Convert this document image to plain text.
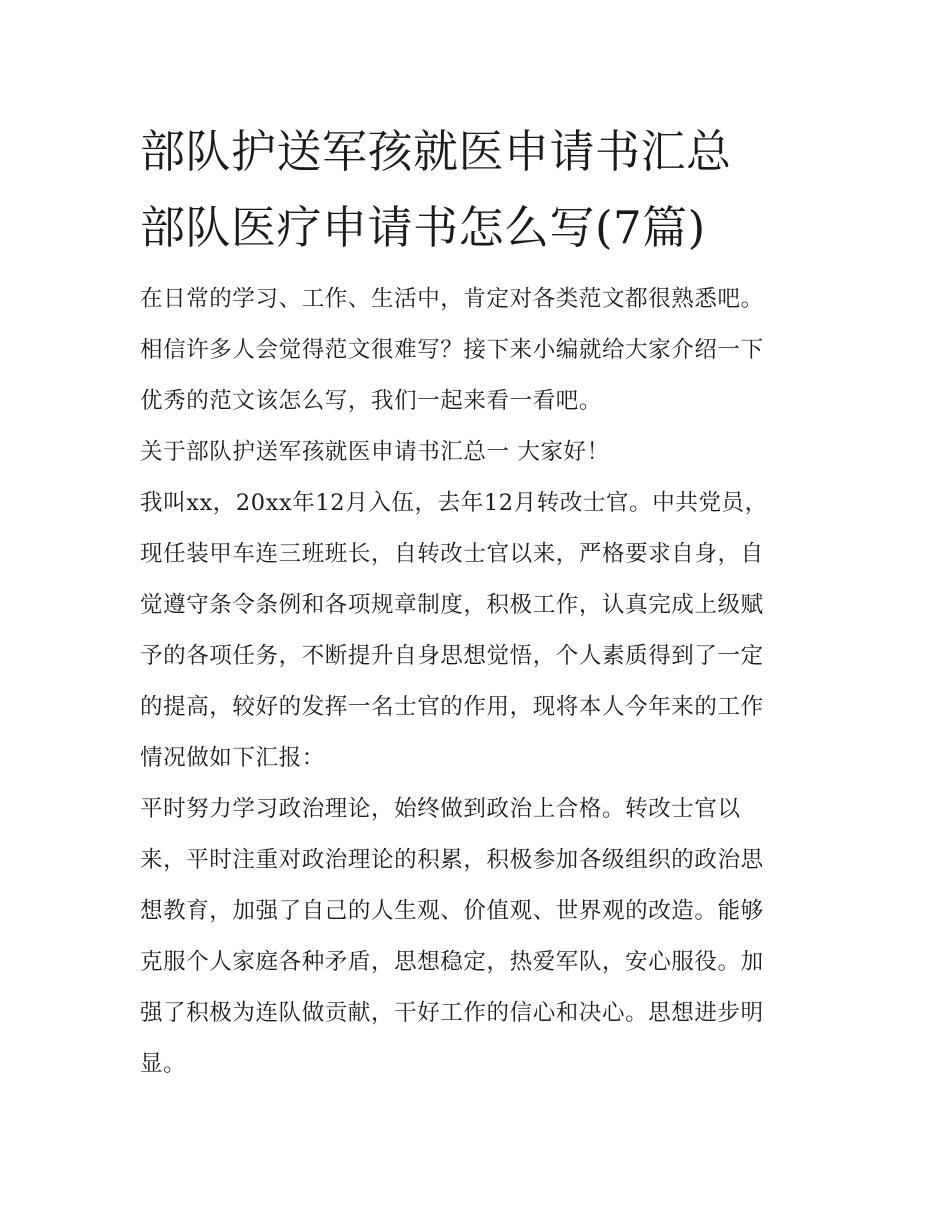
部队护送军孩就医申请书汇总
部队医疗申请书怎么写(7篇)

在日常的学习、工作、生活中，肯定对各类范文都很熟悉吧。
相信许多人会觉得范文很难写？接下来小编就给大家介绍一下
优秀的范文该怎么写，我们一起来看一看吧。

关于部队护送军孩就医申请书汇总一 大家好！

我叫xx，20xx年12月入伍，去年12月转改士官。中共党员，
现任装甲车连三班班长，自转改士官以来，严格要求自身，自
觉遵守条令条例和各项规章制度，积极工作，认真完成上级赋
予的各项任务，不断提升自身思想觉悟，个人素质得到了一定
的提高，较好的发挥一名士官的作用，现将本人今年来的工作
情况做如下汇报：

平时努力学习政治理论，始终做到政治上合格。转改士官以
来，平时注重对政治理论的积累，积极参加各级组织的政治思
想教育，加强了自己的人生观、价值观、世界观的改造。能够
克服个人家庭各种矛盾，思想稳定，热爱军队，安心服役。加
强了积极为连队做贡献，干好工作的信心和决心。思想进步明
显。
